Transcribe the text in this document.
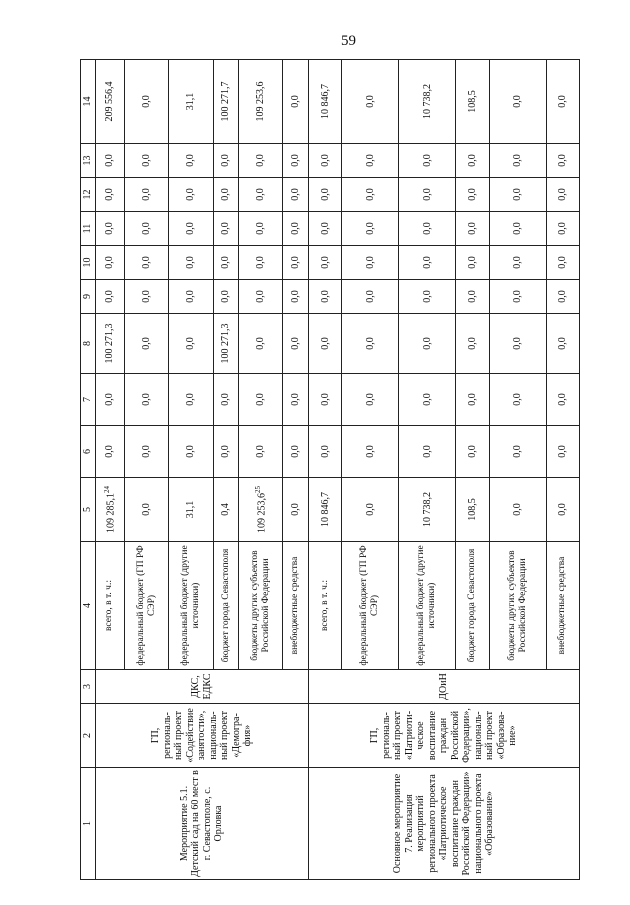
59
1	2	3	4	5	6	7	8	9	10	11	12	13	14
Мероприятие 5.1. Детский сад на 60 мест в г. Севастополе, с. Орловка	ГП, региональ-ный проект «Содействие занятости», националь-ный проект «Демогра-фия»	ДКС, ЕДКС	всего, в т. ч.:	109 285,1$^{24}$	0,0	0,0	100 271,3	0,0	0,0	0,0	0,0	0,0	209 556,4
			федеральный бюджет (ГП РФ СЭР)	0,0	0,0	0,0	0,0	0,0	0,0	0,0	0,0	0,0	0,0
			федеральный бюджет (другие источники)	31,1	0,0	0,0	0,0	0,0	0,0	0,0	0,0	0,0	31,1
			бюджет города Севастополя	0,4	0,0	0,0	100 271,3	0,0	0,0	0,0	0,0	0,0	100 271,7
			бюджеты других субъектов Российской Федерации	109 253,6$^{25}$	0,0	0,0	0,0	0,0	0,0	0,0	0,0	0,0	109 253,6
			внебюджетные средства	0,0	0,0	0,0	0,0	0,0	0,0	0,0	0,0	0,0	0,0
Основное мероприятие 7. Реализация мероприятий регионального проекта «Патриотическое воспитание граждан Российской Федерации» национального проекта «Образование»	ГП, региональ-ный проект «Патриоти-ческое воспитание граждан Российской Федерации», националь-ный проект «Образова-ние»	ДОиН	всего, в т. ч.:	10 846,7	0,0	0,0	0,0	0,0	0,0	0,0	0,0	0,0	10 846,7
			федеральный бюджет (ГП РФ СЭР)	0,0	0,0	0,0	0,0	0,0	0,0	0,0	0,0	0,0	0,0
			федеральный бюджет (другие источники)	10 738,2	0,0	0,0	0,0	0,0	0,0	0,0	0,0	0,0	10 738,2
			бюджет города Севастополя	108,5	0,0	0,0	0,0	0,0	0,0	0,0	0,0	0,0	108,5
			бюджеты других субъектов Российской Федерации	0,0	0,0	0,0	0,0	0,0	0,0	0,0	0,0	0,0	0,0
			внебюджетные средства	0,0	0,0	0,0	0,0	0,0	0,0	0,0	0,0	0,0	0,0
